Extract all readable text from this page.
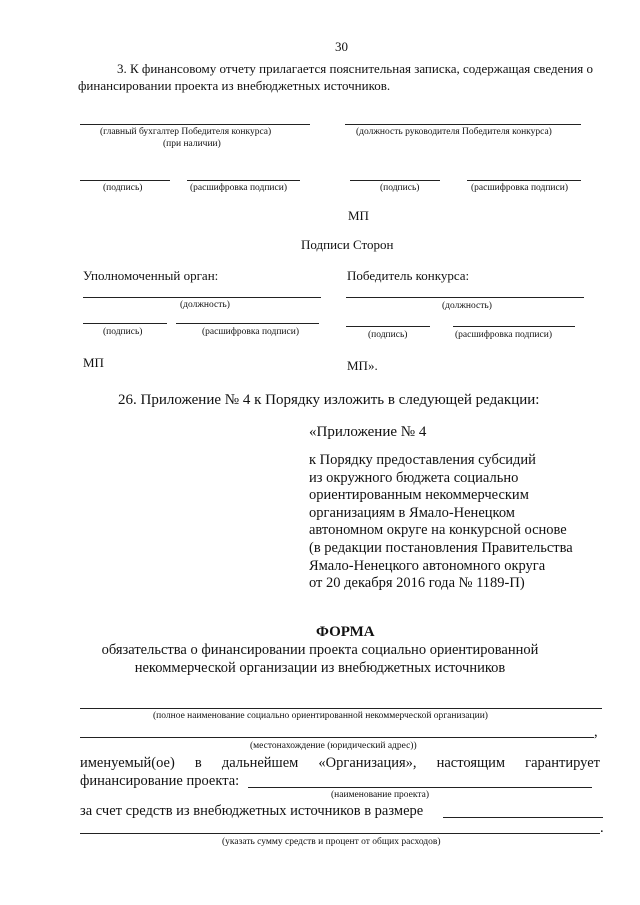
30
3. К финансовому отчету прилагается пояснительная записка, содержащая сведения о
финансировании проекта из внебюджетных источников.
(главный бухгалтер Победителя конкурса)
(при наличии)
(должность руководителя Победителя конкурса)
(подпись)	(расшифровка подписи)	(подпись)	(расшифровка подписи)
МП
Подписи Сторон
Уполномоченный орган:	Победитель конкурса:
(должность)	(должность)
(подпись)	(расшифровка подписи)	(подпись)	(расшифровка подписи)
МП	МП».
26. Приложение № 4 к Порядку изложить в следующей редакции:
«Приложение № 4
к Порядку предоставления субсидий
из окружного бюджета социально
ориентированным некоммерческим
организациям в Ямало-Ненецком
автономном округе на конкурсной основе
(в редакции постановления Правительства
Ямало-Ненецкого автономного округа
от 20 декабря 2016 года № 1189-П)
ФОРМА
обязательства о финансировании проекта социально ориентированной
некоммерческой организации из внебюджетных источников
(полное наименование социально ориентированной некоммерческой организации)
,
(местонахождение (юридический адрес))
именуемый(ое) в дальнейшем «Организация», настоящим гарантирует
финансирование проекта:
(наименование проекта)
за счет средств из внебюджетных источников в размере
.
(указать сумму средств и процент от общих расходов)
